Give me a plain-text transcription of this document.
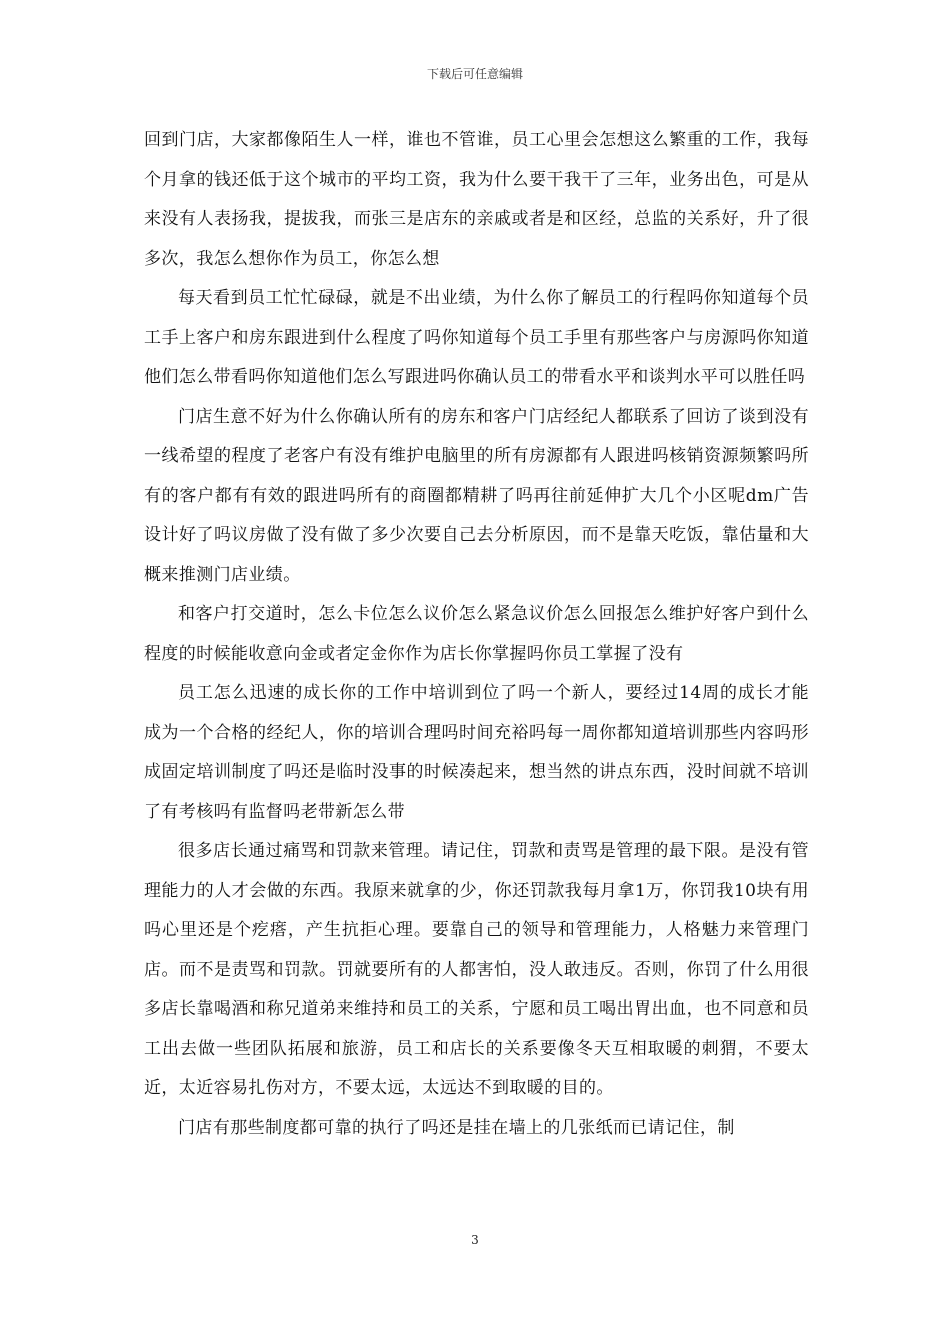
下载后可任意编辑

回到门店，大家都像陌生人一样，谁也不管谁，员工心里会怎想这么繁重的工作，我每个月拿的钱还低于这个城市的平均工资，我为什么要干我干了三年，业务出色，可是从来没有人表扬我，提拔我，而张三是店东的亲戚或者是和区经，总监的关系好，升了很多次，我怎么想你作为员工，你怎么想

每天看到员工忙忙碌碌，就是不出业绩，为什么你了解员工的行程吗你知道每个员工手上客户和房东跟进到什么程度了吗你知道每个员工手里有那些客户与房源吗你知道他们怎么带看吗你知道他们怎么写跟进吗你确认员工的带看水平和谈判水平可以胜任吗

门店生意不好为什么你确认所有的房东和客户门店经纪人都联系了回访了谈到没有一线希望的程度了老客户有没有维护电脑里的所有房源都有人跟进吗核销资源频繁吗所有的客户都有有效的跟进吗所有的商圈都精耕了吗再往前延伸扩大几个小区呢dm广告设计好了吗议房做了没有做了多少次要自己去分析原因，而不是靠天吃饭，靠估量和大概来推测门店业绩。

和客户打交道时，怎么卡位怎么议价怎么紧急议价怎么回报怎么维护好客户到什么程度的时候能收意向金或者定金你作为店长你掌握吗你员工掌握了没有

员工怎么迅速的成长你的工作中培训到位了吗一个新人，要经过14周的成长才能成为一个合格的经纪人，你的培训合理吗时间充裕吗每一周你都知道培训那些内容吗形成固定培训制度了吗还是临时没事的时候凑起来，想当然的讲点东西，没时间就不培训了有考核吗有监督吗老带新怎么带

很多店长通过痛骂和罚款来管理。请记住，罚款和责骂是管理的最下限。是没有管理能力的人才会做的东西。我原来就拿的少，你还罚款我每月拿1万，你罚我10块有用吗心里还是个疙瘩，产生抗拒心理。要靠自己的领导和管理能力，人格魅力来管理门店。而不是责骂和罚款。罚就要所有的人都害怕，没人敢违反。否则，你罚了什么用很多店长靠喝酒和称兄道弟来维持和员工的关系，宁愿和员工喝出胃出血，也不同意和员工出去做一些团队拓展和旅游，员工和店长的关系要像冬天互相取暖的刺猬，不要太近，太近容易扎伤对方，不要太远，太远达不到取暖的目的。

门店有那些制度都可靠的执行了吗还是挂在墙上的几张纸而已请记住，制

3
